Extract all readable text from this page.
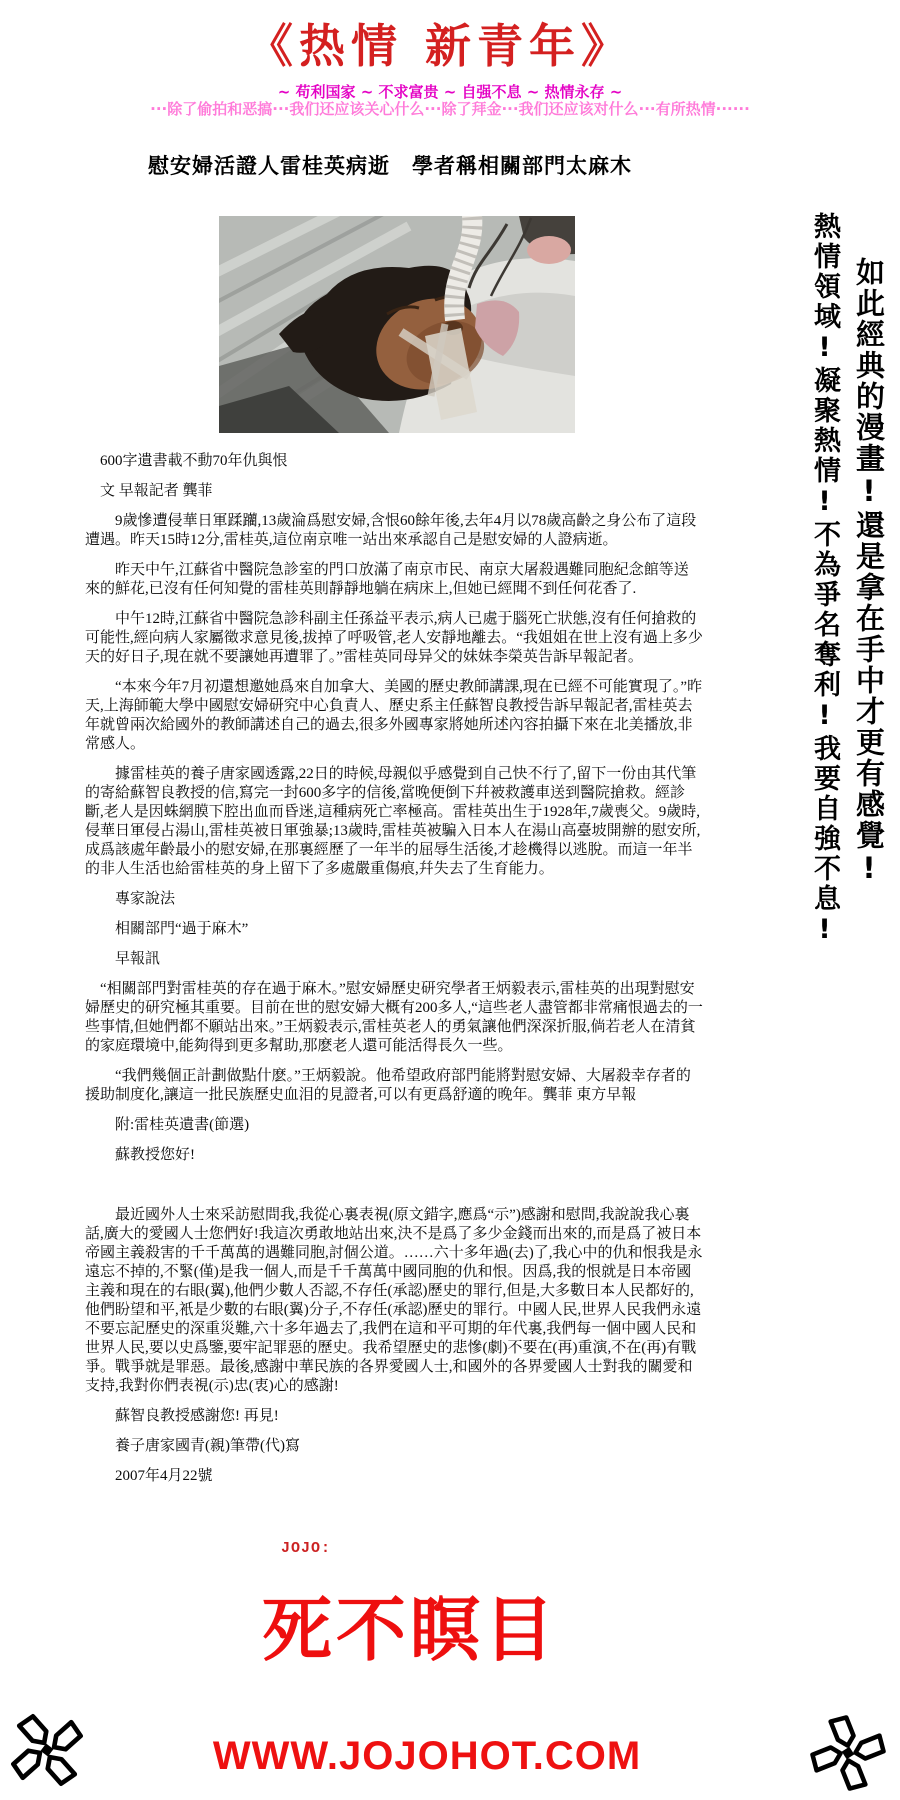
《热情 新青年》
~ 苟利国家 ~ 不求富贵 ~ 自强不息 ~ 热情永存 ~
···除了偷拍和恶搞···我们还应该关心什么···除了拜金···我们还应该对什么···有所热情······
慰安婦活證人雷桂英病逝　學者稱相關部門太麻木
熱情領域!凝聚熱情!不為爭名奪利!我要自強不息! 如此經典的漫畫!還是拿在手中才更有感覺!

　600字遺書載不動70年仇與恨

　文 早報記者 龔菲

　　9歲慘遭侵華日軍蹂躪,13歲淪爲慰安婦,含恨60餘年後,去年4月以78歲高齡之身公布了這段遭遇。昨天15時12分,雷桂英,這位南京唯一站出來承認自己是慰安婦的人證病逝。

　　昨天中午,江蘇省中醫院急診室的門口放滿了南京市民、南京大屠殺遇難同胞紀念館等送來的鮮花,已沒有任何知覺的雷桂英則靜靜地躺在病床上,但她已經聞不到任何花香了.

　　中午12時,江蘇省中醫院急診科副主任孫益平表示,病人已處于腦死亡狀態,沒有任何搶救的可能性,經向病人家屬徵求意見後,拔掉了呼吸管,老人安靜地離去。“我姐姐在世上沒有過上多少天的好日子,現在就不要讓她再遭罪了。”雷桂英同母异父的妹妹李榮英告訴早報記者。

　　“本來今年7月初還想邀她爲來自加拿大、美國的歷史教師講課,現在已經不可能實現了。”昨天,上海師範大學中國慰安婦研究中心負責人、歷史系主任蘇智良教授告訴早報記者,雷桂英去年就曾兩次給國外的教師講述自己的過去,很多外國專家將她所述內容拍攝下來在北美播放,非常感人。

　　據雷桂英的養子唐家國透露,22日的時候,母親似乎感覺到自己快不行了,留下一份由其代筆的寄給蘇智良教授的信,寫完一封600多字的信後,當晚便倒下幷被救護車送到醫院搶救。經診斷,老人是因蛛網膜下腔出血而昏迷,這種病死亡率極高。雷桂英出生于1928年,7歲喪父。9歲時,侵華日軍侵占湯山,雷桂英被日軍強暴;13歲時,雷桂英被騙入日本人在湯山高臺坡開辦的慰安所,成爲該處年齡最小的慰安婦,在那裏經歷了一年半的屈辱生活後,才趁機得以逃脫。而這一年半的非人生活也給雷桂英的身上留下了多處嚴重傷痕,幷失去了生育能力。

　　專家說法

　　相關部門“過于麻木”

　　早報訊

　“相關部門對雷桂英的存在過于麻木。”慰安婦歷史研究學者王炳毅表示,雷桂英的出現對慰安婦歷史的研究極其重要。目前在世的慰安婦大概有200多人,“這些老人盡管都非常痛恨過去的一些事情,但她們都不願站出來。”王炳毅表示,雷桂英老人的勇氣讓他們深深折服,倘若老人在清貧的家庭環境中,能夠得到更多幫助,那麽老人還可能活得長久一些。

　　“我們幾個正計劃做點什麽。”王炳毅說。他希望政府部門能將對慰安婦、大屠殺幸存者的援助制度化,讓這一批民族歷史血泪的見證者,可以有更爲舒適的晚年。龔菲 東方早報

　　附:雷桂英遺書(節選)

　　蘇教授您好!

　　最近國外人士來采訪慰問我,我從心裏表視(原文錯字,應爲“示”)感謝和慰問,我說說我心裏話,廣大的愛國人士您們好!我這次勇敢地站出來,決不是爲了多少金錢而出來的,而是爲了被日本帝國主義殺害的千千萬萬的遇難同胞,討個公道。……六十多年過(去)了,我心中的仇和恨我是永遠忘不掉的,不緊(僅)是我一個人,而是千千萬萬中國同胞的仇和恨。因爲,我的恨就是日本帝國主義和現在的右眼(翼),他們少數人否認,不存任(承認)歷史的罪行,但是,大多數日本人民都好的,他們盼望和平,衹是少數的右眼(翼)分子,不存任(承認)歷史的罪行。中國人民,世界人民我們永遠不要忘記歷史的深重災難,六十多年過去了,我們在這和平可期的年代裏,我們每一個中國人民和世界人民,要以史爲鑒,要牢記罪惡的歷史。我希望歷史的悲慘(劇)不要在(再)重演,不在(再)有戰爭。戰爭就是罪惡。最後,感謝中華民族的各界愛國人士,和國外的各界愛國人士對我的關愛和支持,我對你們表視(示)忠(衷)心的感謝!

　　蘇智良教授感謝您! 再見!

　　養子唐家國青(親)筆帶(代)寫

　　2007年4月22號

JOJO:
死不瞑目
WWW.JOJOHOT.COM
